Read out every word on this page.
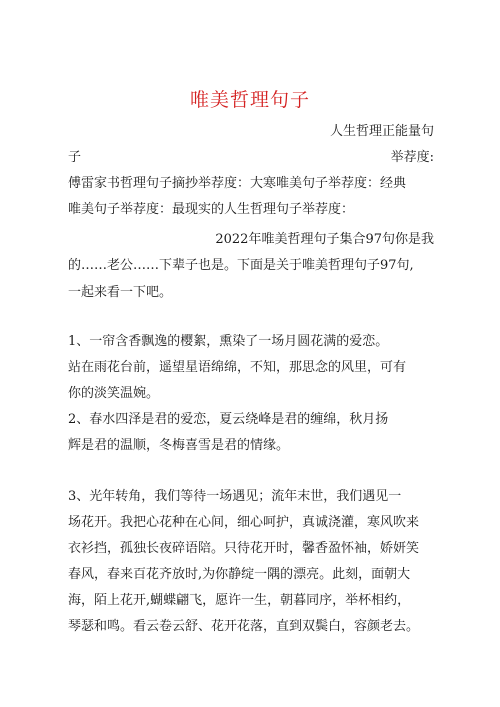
唯美哲理句子
人生哲理正能量句
子	举荐度:
傅雷家书哲理句子摘抄举荐度：大寒唯美句子举荐度：经典
唯美句子举荐度：最现实的人生哲理句子举荐度：
2022年唯美哲理句子集合97句你是我
的……老公……下辈子也是。下面是关于唯美哲理句子97句,
一起来看一下吧。
1、一帘含香飘逸的樱絮，熏染了一场月圆花满的爱恋。
站在雨花台前，遥望星语绵绵，不知，那思念的风里，可有
你的淡笑温婉。
2、春水四泽是君的爱恋，夏云绕峰是君的缠绵，秋月扬
辉是君的温顺，冬梅喜雪是君的情缘。
3、光年转角，我们等待一场遇见；流年末世，我们遇见一
场花开。我把心花种在心间，细心呵护，真诚浇灌，寒风吹来
衣衫挡，孤独长夜碎语陪。只待花开时，馨香盈怀袖，娇妍笑
春风，春来百花齐放时,为你静绽一隅的漂亮。此刻，面朝大
海，陌上花开,蝴蝶翩飞，愿许一生，朝暮同序，举杯相约，
琴瑟和鸣。看云卷云舒、花开花落，直到双鬓白，容颜老去。
